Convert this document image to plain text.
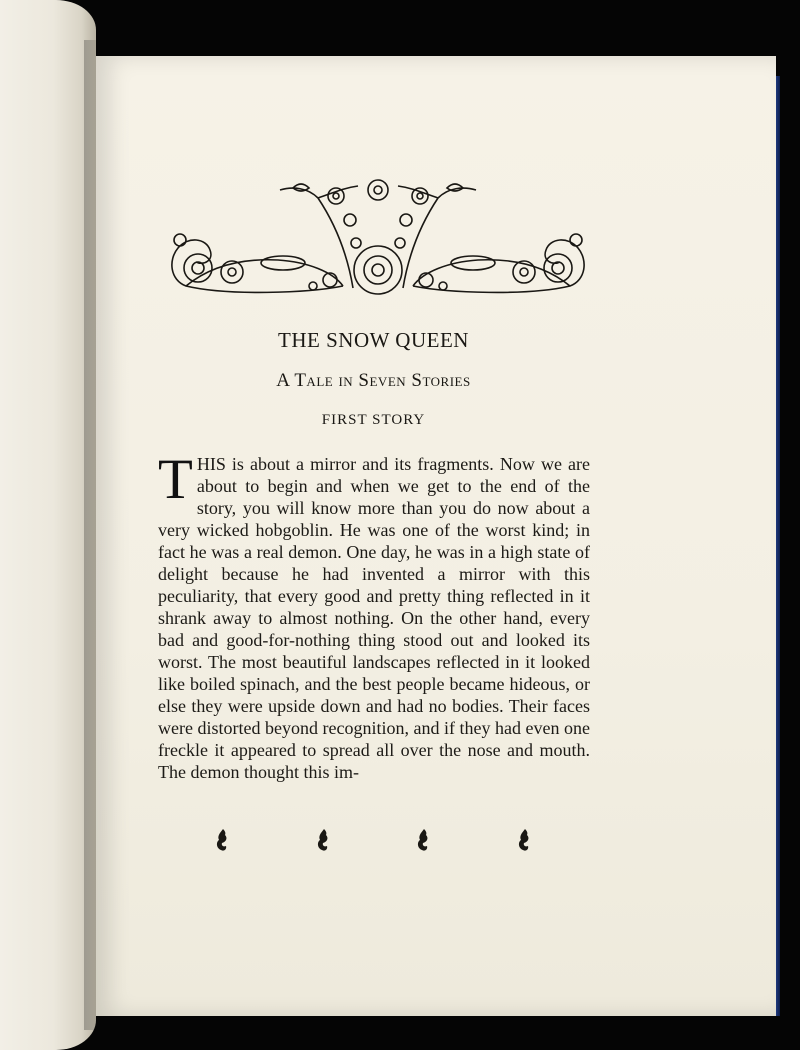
THE SNOW QUEEN
A Tale in Seven Stories
FIRST STORY

THIS is about a mirror and its fragments. Now we are about to begin and when we get to the end of the story, you will know more than you do now about a very wicked hobgoblin. He was one of the worst kind; in fact he was a real demon. One day, he was in a high state of delight because he had invented a mirror with this peculiarity, that every good and pretty thing reflected in it shrank away to almost nothing. On the other hand, every bad and good-for-nothing thing stood out and looked its worst. The most beautiful landscapes reflected in it looked like boiled spinach, and the best people became hideous, or else they were upside down and had no bodies. Their faces were distorted beyond recognition, and if they had even one freckle it appeared to spread all over the nose and mouth. The demon thought this im-
